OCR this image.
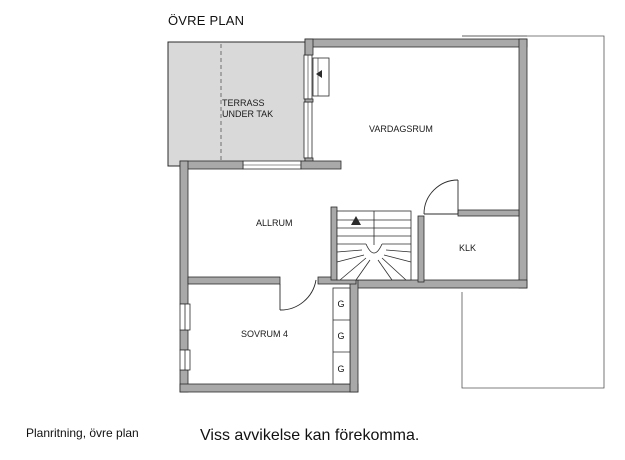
ÖVRE PLAN
Planritning, övre plan	Viss avvikelse kan förekomma.
TERRASS
UNDER TAK
VARDAGSRUM
ALLRUM
KLK
SOVRUM 4
G
G
G
